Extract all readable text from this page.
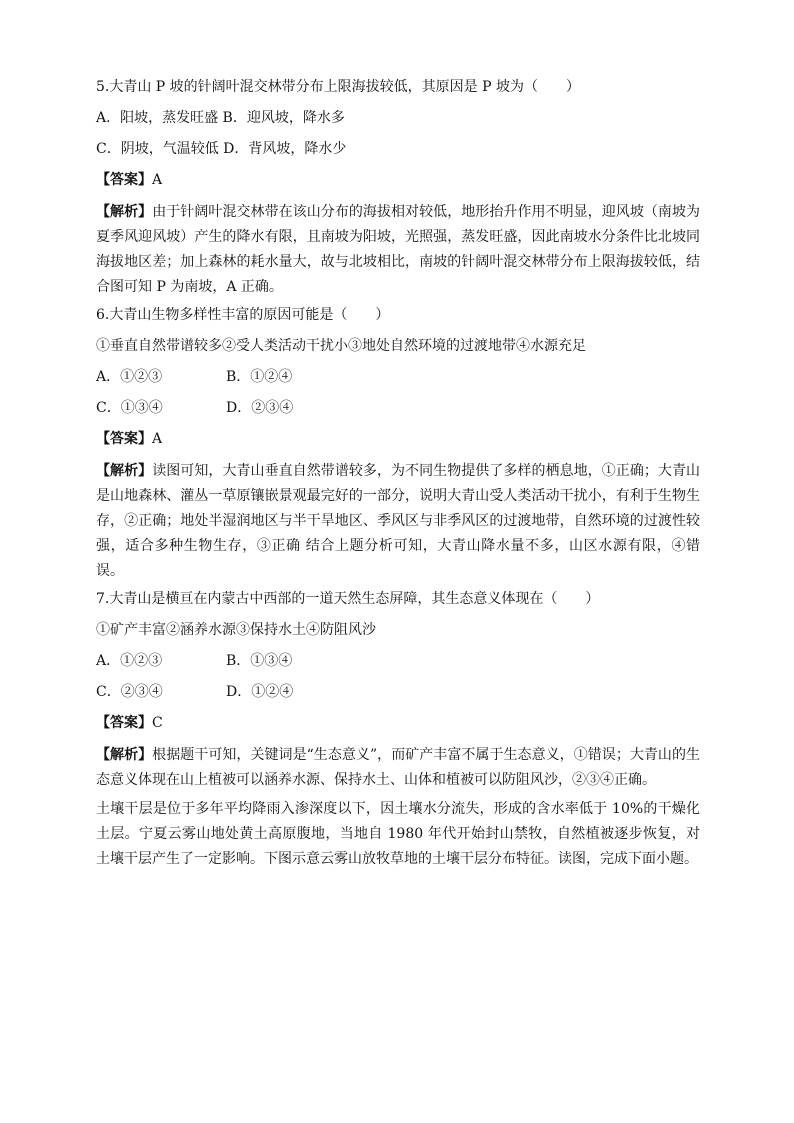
5.大青山 P 坡的针阔叶混交林带分布上限海拔较低，其原因是 P 坡为（　　）
A．阳坡，蒸发旺盛 B．迎风坡，降水多
C．阴坡，气温较低 D．背风坡，降水少
【答案】A
【解析】由于针阔叶混交林带在该山分布的海拔相对较低，地形抬升作用不明显，迎风坡（南坡为夏季风迎风坡）产生的降水有限，且南坡为阳坡，光照强，蒸发旺盛，因此南坡水分条件比北坡同海拔地区差；加上森林的耗水量大，故与北坡相比，南坡的针阔叶混交林带分布上限海拔较低，结合图可知 P 为南坡，A 正确。
6.大青山生物多样性丰富的原因可能是（　　）
①垂直自然带谱较多②受人类活动干扰小③地处自然环境的过渡地带④水源充足
A．①②③	B．①②④
C．①③④	D．②③④
【答案】A
【解析】读图可知，大青山垂直自然带谱较多，为不同生物提供了多样的栖息地，①正确；大青山是山地森林、灌丛一草原镶嵌景观最完好的一部分，说明大青山受人类活动干扰小，有利于生物生存，②正确；地处半湿润地区与半干旱地区、季风区与非季风区的过渡地带，自然环境的过渡性较强，适合多种生物生存，③正确 结合上题分析可知，大青山降水量不多，山区水源有限，④错误。
7.大青山是横亘在内蒙古中西部的一道天然生态屏障，其生态意义体现在（　　）
①矿产丰富②涵养水源③保持水土④防阻风沙
A．①②③	B．①③④
C．②③④	D．①②④
【答案】C
【解析】根据题干可知，关键词是“生态意义”，而矿产丰富不属于生态意义，①错误；大青山的生态意义体现在山上植被可以涵养水源、保持水土、山体和植被可以防阻风沙，②③④正确。
土壤干层是位于多年平均降雨入渗深度以下，因土壤水分流失，形成的含水率低于 10%的干燥化土层。宁夏云雾山地处黄土高原腹地，当地自 1980 年代开始封山禁牧，自然植被逐步恢复，对土壤干层产生了一定影响。下图示意云雾山放牧草地的土壤干层分布特征。读图，完成下面小题。
